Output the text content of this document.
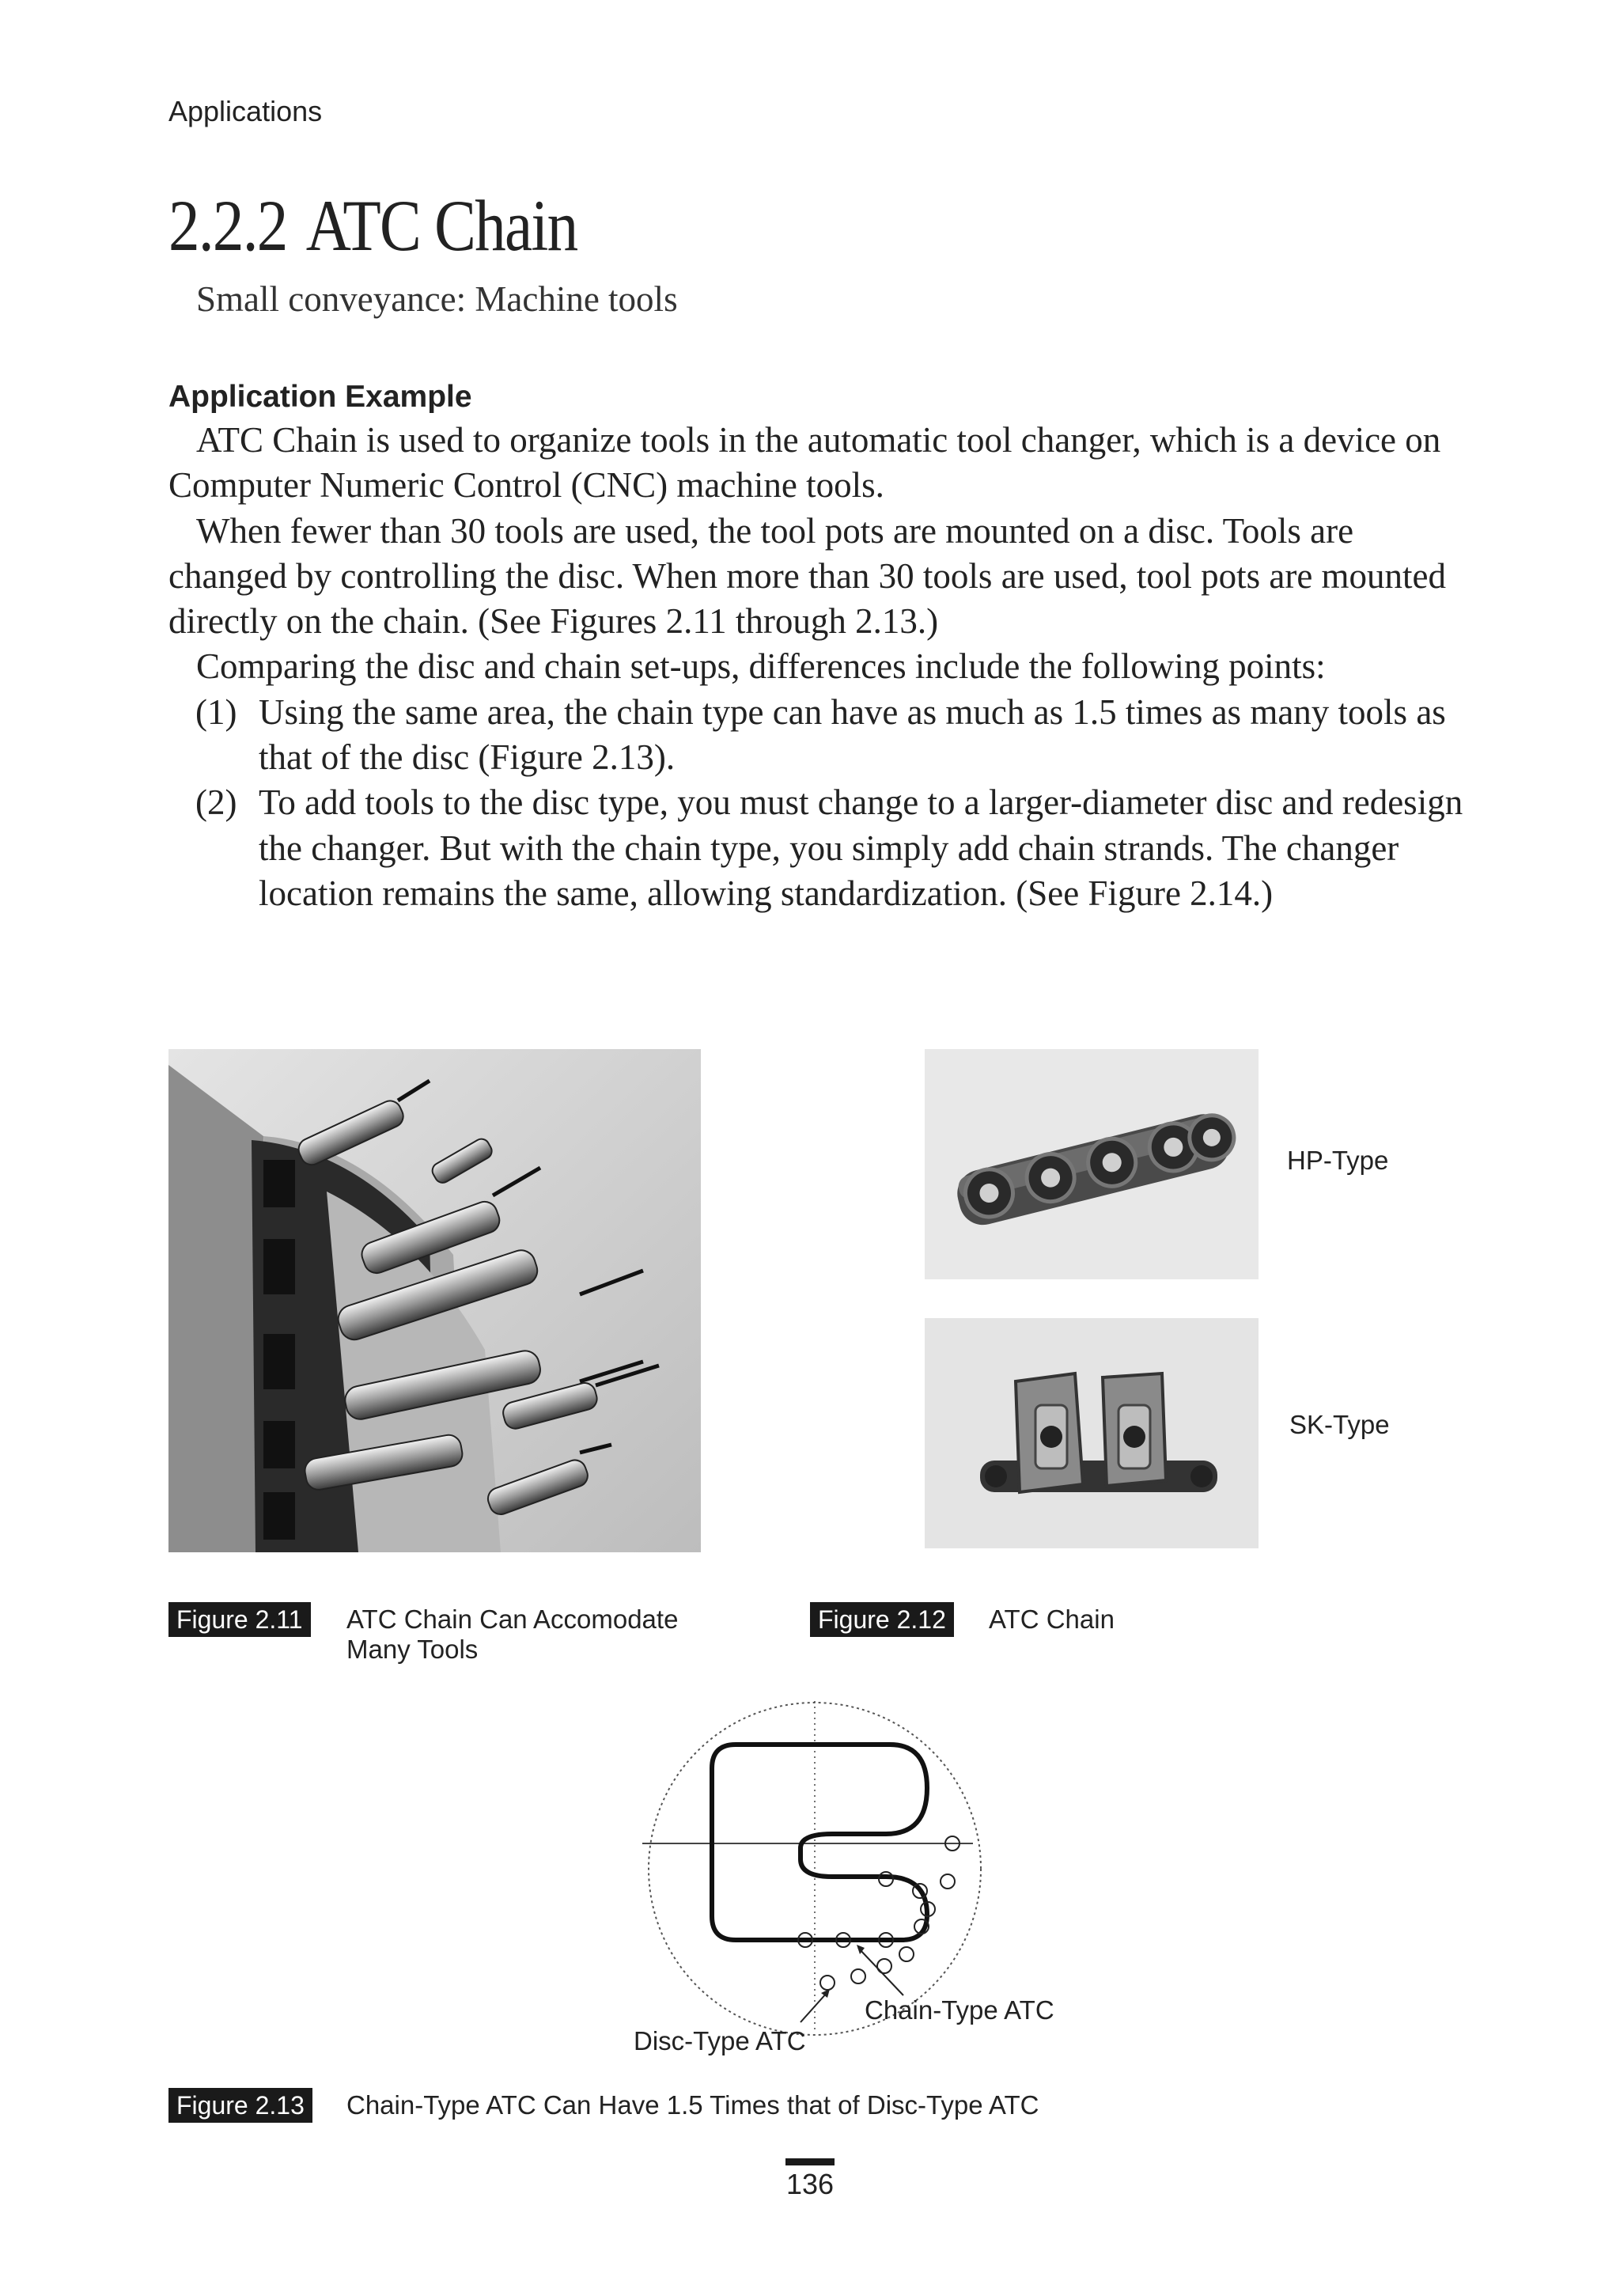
Applications
2.2.2 ATC Chain
Small conveyance: Machine tools
Application Example

ATC Chain is used to organize tools in the automatic tool changer, which is a device on Computer Numeric Control (CNC) machine tools.

When fewer than 30 tools are used, the tool pots are mounted on a disc. Tools are changed by controlling the disc. When more than 30 tools are used, tool pots are mounted directly on the chain. (See Figures 2.11 through 2.13.)

Comparing the disc and chain set-ups, differences include the following points:

(1) Using the same area, the chain type can have as much as 1.5 times as many tools as that of the disc (Figure 2.13).
(2) To add tools to the disc type, you must change to a larger-diameter disc and redesign the changer. But with the chain type, you simply add chain strands. The changer location remains the same, allowing standardization. (See Figure 2.14.)
HP-Type
SK-Type
Figure 2.11	ATC Chain Can Accomodate
Many Tools
Figure 2.12	ATC Chain
Chain-Type ATC
Disc-Type ATC
Figure 2.13	Chain-Type ATC Can Have 1.5 Times that of Disc-Type ATC
136
